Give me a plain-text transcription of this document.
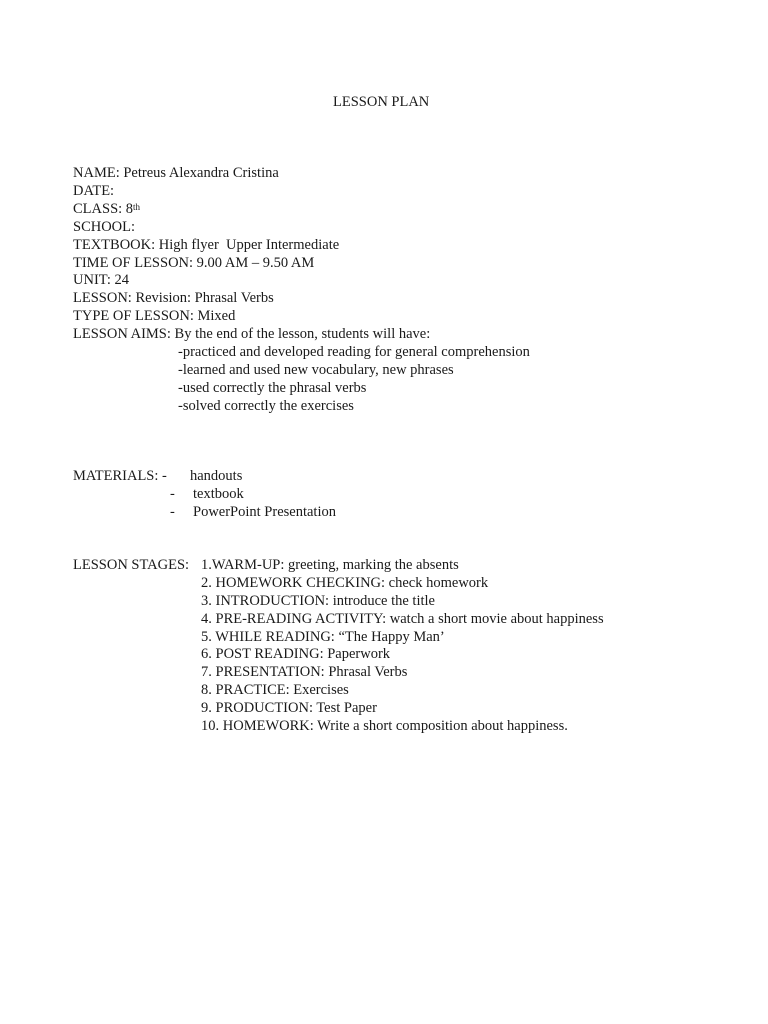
LESSON PLAN
NAME: Petreus Alexandra Cristina
DATE:
CLASS: 8th
SCHOOL:
TEXTBOOK: High flyer  Upper Intermediate
TIME OF LESSON: 9.00 AM – 9.50 AM
UNIT: 24
LESSON: Revision: Phrasal Verbs
TYPE OF LESSON: Mixed
LESSON AIMS: By the end of the lesson, students will have:
-practiced and developed reading for general comprehension
-learned and used new vocabulary, new phrases
-used correctly the phrasal verbs
-solved correctly the exercises
MATERIALS: - handouts
- textbook
- PowerPoint Presentation
LESSON STAGES: 1.WARM-UP: greeting, marking the absents
2. HOMEWORK CHECKING: check homework
3. INTRODUCTION: introduce the title
4. PRE-READING ACTIVITY: watch a short movie about happiness
5. WHILE READING: “The Happy Man’
6. POST READING: Paperwork
7. PRESENTATION: Phrasal Verbs
8. PRACTICE: Exercises
9. PRODUCTION: Test Paper
10. HOMEWORK: Write a short composition about happiness.
